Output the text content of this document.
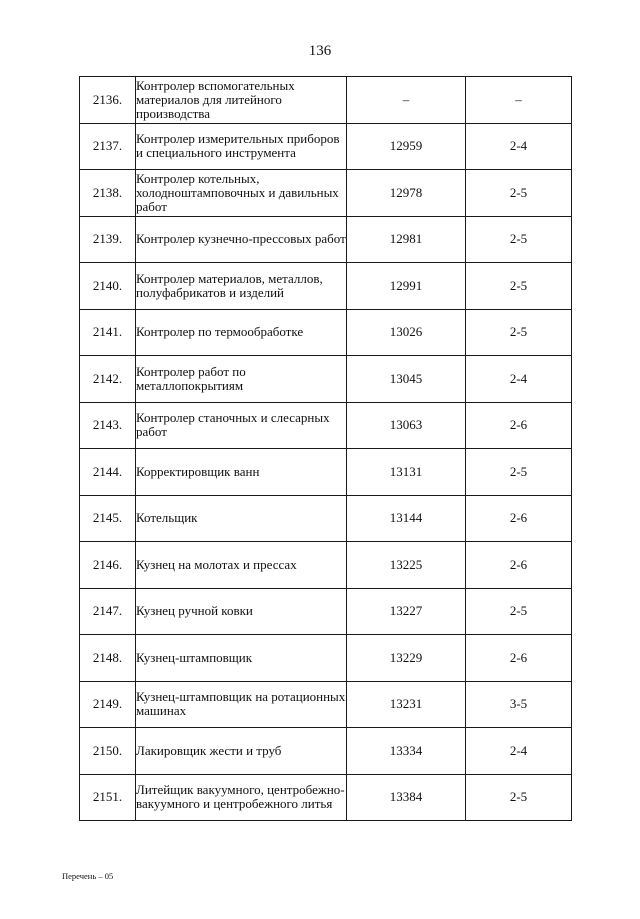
136
2136.	Контролер вспомогательных материалов для литейного производства	–	–
2137.	Контролер измерительных приборов и специального инструмента	12959	2-4
2138.	Контролер котельных, холодноштамповочных и давильных работ	12978	2-5
2139.	Контролер кузнечно-прессовых работ	12981	2-5
2140.	Контролер материалов, металлов, полуфабрикатов и изделий	12991	2-5
2141.	Контролер по термообработке	13026	2-5
2142.	Контролер работ по металлопокрытиям	13045	2-4
2143.	Контролер станочных и слесарных работ	13063	2-6
2144.	Корректировщик ванн	13131	2-5
2145.	Котельщик	13144	2-6
2146.	Кузнец на молотах и прессах	13225	2-6
2147.	Кузнец ручной ковки	13227	2-5
2148.	Кузнец-штамповщик	13229	2-6
2149.	Кузнец-штамповщик на ротационных машинах	13231	3-5
2150.	Лакировщик жести и труб	13334	2-4
2151.	Литейщик вакуумного, центробежно-вакуумного и центробежного литья	13384	2-5
Перечень – 05
